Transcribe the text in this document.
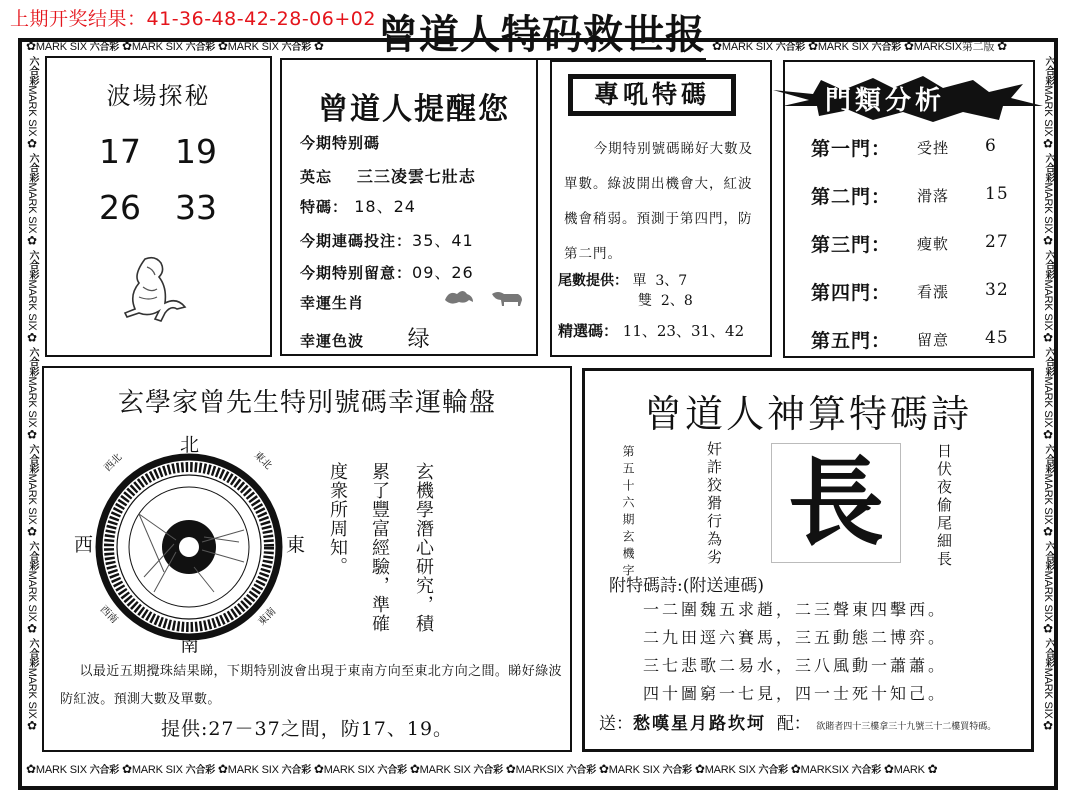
上期开奖结果：41-36-48-42-28-06+02 曾道人特码救世报
✿MARK SIX 六合彩 ✿MARK SIX 六合彩 ✿MARK SIX 六合彩 ✿	✿MARK SIX 六合彩 ✿MARK SIX 六合彩 ✿MARKSIX第二版 ✿
六合彩MARK SIX✿ 六合彩MARK SIX✿ 六合彩MARK SIX✿ 六合彩MARK SIX✿ 六合彩MARK SIX✿ 六合彩MARK SIX✿ 六合彩MARK SIX✿
六合彩MARK SIX✿ 六合彩MARK SIX✿ 六合彩MARK SIX✿ 六合彩MARK SIX✿ 六合彩MARK SIX✿ 六合彩MARK SIX✿ 六合彩MARK SIX✿
✿MARK SIX 六合彩 ✿MARK SIX 六合彩 ✿MARK SIX 六合彩 ✿MARK SIX 六合彩 ✿MARK SIX 六合彩 ✿MARKSIX 六合彩 ✿MARK SIX 六合彩 ✿MARK SIX 六合彩 ✿MARKSIX 六合彩 ✿MARK ✿
波場探秘
17 19
26 33
曾道人提醒您
今期特别碼
英忘 三三凌雲七壯志
特碼： 18、24
今期連碼投注：35、41
今期特别留意：09、26
幸運生肖
幸運色波 绿
專吼特碼
今期特别號碼睇好大數及單數。綠波開出機會大，紅波機會稍弱。預測于第四門，防第二門。
尾數提供： 單 3、7
雙 2、8
精選碼： 11、23、31、42
門類分析
第一門： 受挫 6
第二門： 滑落 15
第三門： 瘦軟 27
第四門： 看漲 32
第五門： 留意 45
玄學家曾先生特別號碼幸運輪盤
北
南
東
西
東北
西北
東南
西南	玄機學潛心研究，積
累了豐富經驗，準確
度衆所周知。
以最近五期攪珠結果睇，下期特别波會出現于東南方向至東北方向之間。睇好綠波防紅波。預測大數及單數。
提供:27－37之間，防17、19。
曾道人神算特碼詩
第五十六期玄機字	奸詐狡猾行為劣 長	日伏夜偷尾細長
附特碼詩:(附送連碼)
一二圍魏五求趙，二三聲東四擊西。
二九田逕六賽馬，三五動態二博弈。
三七悲歌二易水，三八風動一蕭蕭。
四十圖窮一七見，四一士死十知己。
送：愁嘆星月路坎坷 配： 欲賭者四十三樓拿三十九號三十二樓買特碼。
